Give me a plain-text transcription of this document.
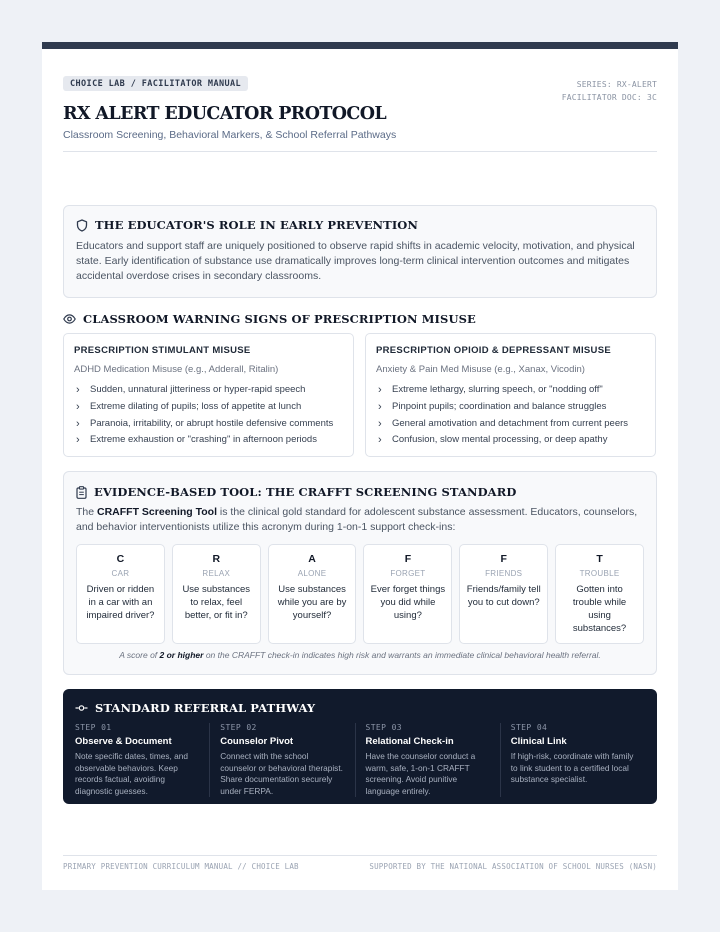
CHOICE LAB / FACILITATOR MANUAL	SERIES: RX-ALERT
FACILITATOR DOC: 3C
RX ALERT EDUCATOR PROTOCOL
Classroom Screening, Behavioral Markers, & School Referral Pathways
THE EDUCATOR'S ROLE IN EARLY PREVENTION

Educators and support staff are uniquely positioned to observe rapid shifts in academic velocity, motivation, and physical state. Early identification of substance use dramatically improves long-term clinical intervention outcomes and mitigates accidental overdose crises in secondary classrooms.

CLASSROOM WARNING SIGNS OF PRESCRIPTION MISUSE
PRESCRIPTION STIMULANT MISUSE
ADHD Medication Misuse (e.g., Adderall, Ritalin)
›	Sudden, unnatural jitteriness or hyper-rapid speech
›	Extreme dilating of pupils; loss of appetite at lunch
›	Paranoia, irritability, or abrupt hostile defensive comments
›	Extreme exhaustion or "crashing" in afternoon periods
PRESCRIPTION OPIOID & DEPRESSANT MISUSE
Anxiety & Pain Med Misuse (e.g., Xanax, Vicodin)
›	Extreme lethargy, slurring speech, or "nodding off"
›	Pinpoint pupils; coordination and balance struggles
›	General amotivation and detachment from current peers
›	Confusion, slow mental processing, or deep apathy
EVIDENCE-BASED TOOL: THE CRAFFT SCREENING STANDARD

The CRAFFT Screening Tool is the clinical gold standard for adolescent substance assessment. Educators, counselors, and behavior interventionists utilize this acronym during 1-on-1 support check-ins:

C
CAR
Driven or ridden in a car with an impaired driver?
R
RELAX
Use substances to relax, feel better, or fit in?
A
ALONE
Use substances while you are by yourself?
F
FORGET
Ever forget things you did while using?
F
FRIENDS
Friends/family tell you to cut down?
T
TROUBLE
Gotten into trouble while using substances?
A score of 2 or higher on the CRAFFT check-in indicates high risk and warrants an immediate clinical behavioral health referral.
STANDARD REFERRAL PATHWAY
STEP 01
Observe & Document
Note specific dates, times, and observable behaviors. Keep records factual, avoiding diagnostic guesses.
STEP 02
Counselor Pivot
Connect with the school counselor or behavioral therapist. Share documentation securely under FERPA.
STEP 03
Relational Check-in
Have the counselor conduct a warm, safe, 1-on-1 CRAFFT screening. Avoid punitive language entirely.
STEP 04
Clinical Link
If high-risk, coordinate with family to link student to a certified local substance specialist.
PRIMARY PREVENTION CURRICULUM MANUAL // CHOICE LAB	SUPPORTED BY THE NATIONAL ASSOCIATION OF SCHOOL NURSES (NASN)
